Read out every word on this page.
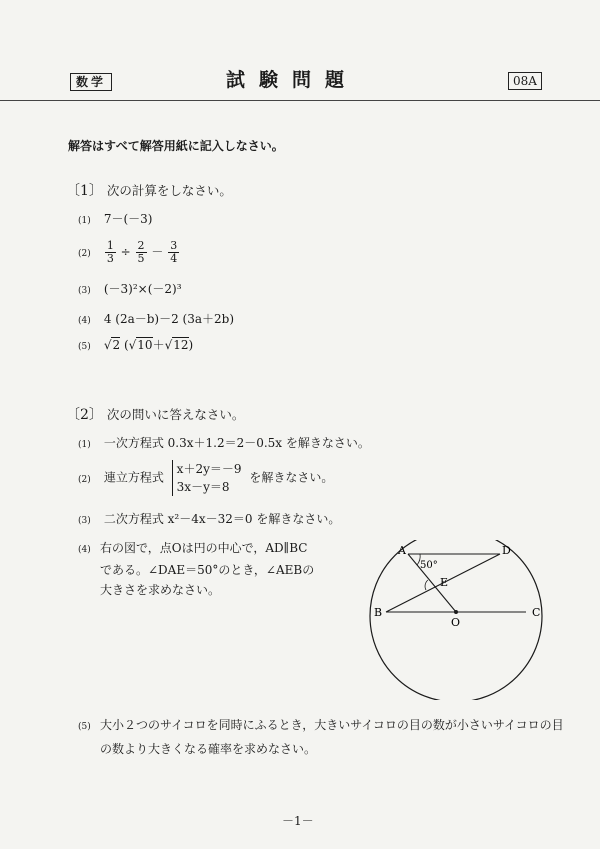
数学	試験問題	08A
解答はすべて解答用紙に記入しなさい。
〔1〕 次の計算をしなさい。
(1) 7－(－3)
$(2) \frac{1}{3} \div \frac{2}{5} - \frac{3}{4}$
(3) (－3)²×(－2)³
(4) 4 (2a－b)－2 (3a＋2b)
(5) √2 (√10＋√12)
〔2〕 次の問いに答えなさい。
(1) 一次方程式 0.3x＋1.2＝2－0.5x を解きなさい。
(2) 連立方程式
x＋2y＝－9
3x－y＝8
を解きなさい。
(3) 二次方程式 x²－4x－32＝0 を解きなさい。
(4) 右の図で，点Oは円の中心で，AD∥BC
である。∠DAE＝50°のとき，∠AEBの
大きさを求めなさい。
A	D
B	C
E
O
50°
(5) 大小２つのサイコロを同時にふるとき，大きいサイコロの目の数が小さいサイコロの目
の数より大きくなる確率を求めなさい。
－1－
